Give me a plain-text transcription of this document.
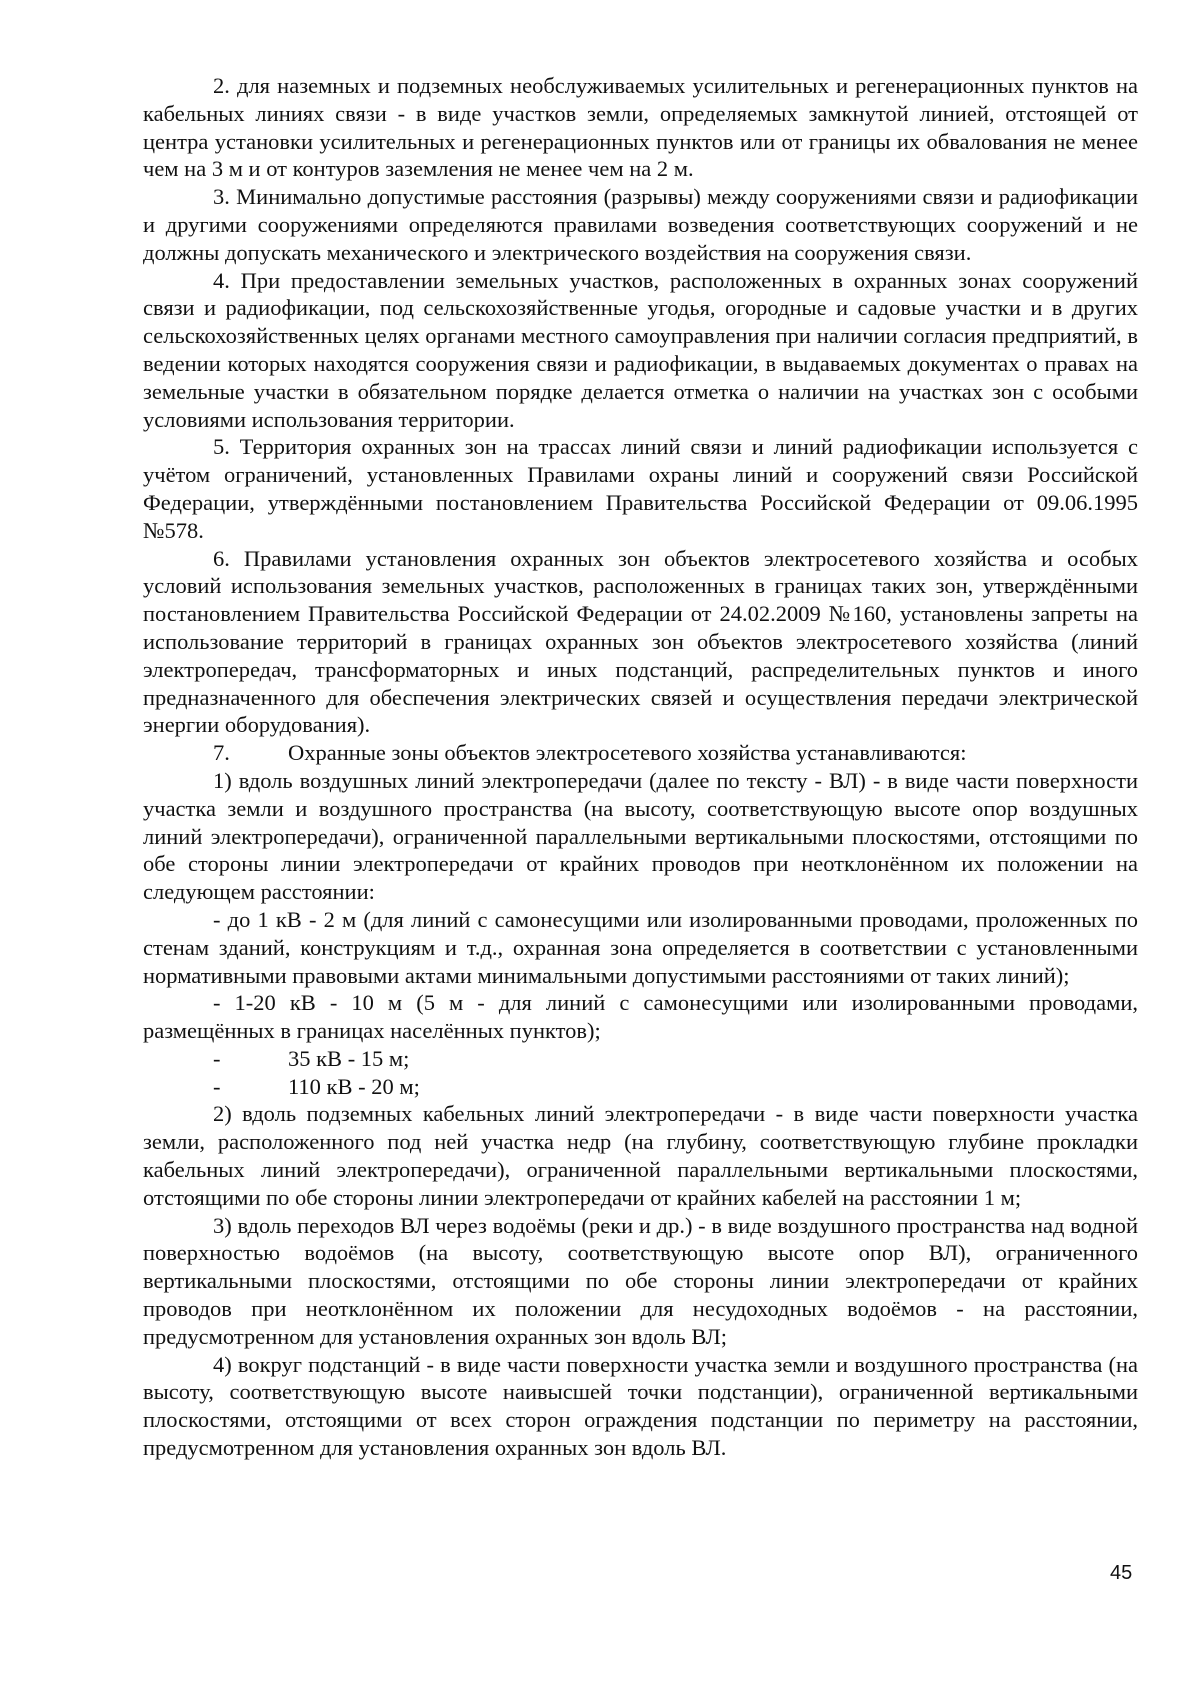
2. для наземных и подземных необслуживаемых усилительных и регенерационных пунктов на кабельных линиях связи - в виде участков земли, определяемых замкнутой линией, отстоящей от центра установки усилительных и регенерационных пунктов или от границы их обвалования не менее чем на 3 м и от контуров заземления не менее чем на 2 м.

3. Минимально допустимые расстояния (разрывы) между сооружениями связи и радиофикации и другими сооружениями определяются правилами возведения соответствующих сооружений и не должны допускать механического и электрического воздействия на сооружения связи.

4. При предоставлении земельных участков, расположенных в охранных зонах сооружений связи и радиофикации, под сельскохозяйственные угодья, огородные и садовые участки и в других сельскохозяйственных целях органами местного самоуправления при наличии согласия предприятий, в ведении которых находятся сооружения связи и радиофикации, в выдаваемых документах о правах на земельные участки в обязательном порядке делается отметка о наличии на участках зон с особыми условиями использования территории.

5. Территория охранных зон на трассах линий связи и линий радиофикации используется с учётом ограничений, установленных Правилами охраны линий и сооружений связи Российской Федерации, утверждёнными постановлением Правительства Российской Федерации от 09.06.1995 №578.

6. Правилами установления охранных зон объектов электросетевого хозяйства и особых условий использования земельных участков, расположенных в границах таких зон, утверждёнными постановлением Правительства Российской Федерации от 24.02.2009 №160, установлены запреты на использование территорий в границах охранных зон объектов электросетевого хозяйства (линий электропередач, трансформаторных и иных подстанций, распределительных пунктов и иного предназначенного для обеспечения электрических связей и осуществления передачи электрической энергии оборудования).

7.	Охранные зоны объектов электросетевого хозяйства устанавливаются:

1) вдоль воздушных линий электропередачи (далее по тексту - ВЛ) - в виде части поверхности участка земли и воздушного пространства (на высоту, соответствующую высоте опор воздушных линий электропередачи), ограниченной параллельными вертикальными плоскостями, отстоящими по обе стороны линии электропередачи от крайних проводов при неотклонённом их положении на следующем расстоянии:

- до 1 кВ - 2 м (для линий с самонесущими или изолированными проводами, проложенных по стенам зданий, конструкциям и т.д., охранная зона определяется в соответствии с установленными нормативными правовыми актами минимальными допустимыми расстояниями от таких линий);

- 1-20 кВ - 10 м (5 м - для линий с самонесущими или изолированными проводами, размещённых в границах населённых пунктов);

-	35 кВ - 15 м;
-	110 кВ - 20 м;

2) вдоль подземных кабельных линий электропередачи - в виде части поверхности участка земли, расположенного под ней участка недр (на глубину, соответствующую глубине прокладки кабельных линий электропередачи), ограниченной параллельными вертикальными плоскостями, отстоящими по обе стороны линии электропередачи от крайних кабелей на расстоянии 1 м;

3) вдоль переходов ВЛ через водоёмы (реки и др.) - в виде воздушного пространства над водной поверхностью водоёмов (на высоту, соответствующую высоте опор ВЛ), ограниченного вертикальными плоскостями, отстоящими по обе стороны линии электропередачи от крайних проводов при неотклонённом их положении для несудоходных водоёмов - на расстоянии, предусмотренном для установления охранных зон вдоль ВЛ;

4) вокруг подстанций - в виде части поверхности участка земли и воздушного пространства (на высоту, соответствующую высоте наивысшей точки подстанции), ограниченной вертикальными плоскостями, отстоящими от всех сторон ограждения подстанции по периметру на расстоянии, предусмотренном для установления охранных зон вдоль ВЛ.

45
